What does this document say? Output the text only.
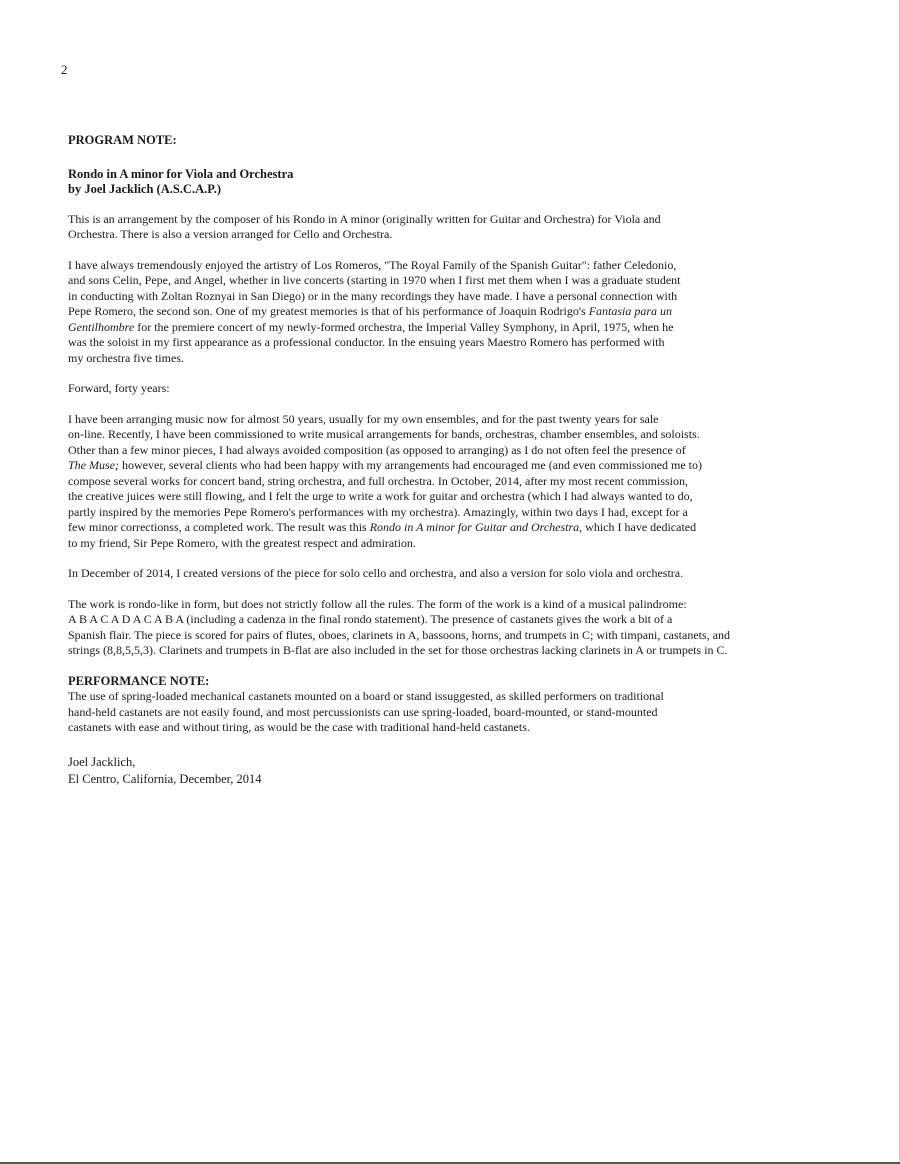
2
PROGRAM NOTE:
Rondo in A minor for Viola and Orchestra
by Joel Jacklich (A.S.C.A.P.)

This is an arrangement by the composer of his Rondo in A minor (originally written for Guitar and Orchestra) for Viola and
Orchestra. There is also a version arranged for Cello and Orchestra.

I have always tremendously enjoyed the artistry of Los Romeros, "The Royal Family of the Spanish Guitar": father Celedonio,
and sons Celin, Pepe, and Angel, whether in live concerts (starting in 1970 when I first met them when I was a graduate student
in conducting with Zoltan Roznyai in San Diego) or in the many recordings they have made. I have a personal connection with
Pepe Romero, the second son. One of my greatest memories is that of his performance of Joaquin Rodrigo's Fantasia para un
Gentilhombre for the premiere concert of my newly-formed orchestra, the Imperial Valley Symphony, in April, 1975, when he
was the soloist in my first appearance as a professional conductor. In the ensuing years Maestro Romero has performed with
my orchestra five times.

Forward, forty years:

I have been arranging music now for almost 50 years, usually for my own ensembles, and for the past twenty years for sale
on-line. Recently, I have been commissioned to write musical arrangements for bands, orchestras, chamber ensembles, and soloists.
Other than a few minor pieces, I had always avoided composition (as opposed to arranging) as I do not often feel the presence of
The Muse; however, several clients who had been happy with my arrangements had encouraged me (and even commissioned me to)
compose several works for concert band, string orchestra, and full orchestra. In October, 2014, after my most recent commission,
the creative juices were still flowing, and I felt the urge to write a work for guitar and orchestra (which I had always wanted to do,
partly inspired by the memories Pepe Romero's performances with my orchestra). Amazingly, within two days I had, except for a
few minor correctionss, a completed work. The result was this Rondo in A minor for Guitar and Orchestra, which I have dedicated
to my friend, Sir Pepe Romero, with the greatest respect and admiration.

In December of 2014, I created versions of the piece for solo cello and orchestra, and also a version for solo viola and orchestra.

The work is rondo-like in form, but does not strictly follow all the rules. The form of the work is a kind of a musical palindrome:
A B A C A D A C A B A (including a cadenza in the final rondo statement). The presence of castanets gives the work a bit of a
Spanish flair. The piece is scored for pairs of flutes, oboes, clarinets in A, bassoons, horns, and trumpets in C; with timpani, castanets, and
strings (8,8,5,5,3). Clarinets and trumpets in B-flat are also included in the set for those orchestras lacking clarinets in A or trumpets in C.

PERFORMANCE NOTE:

The use of spring-loaded mechanical castanets mounted on a board or stand issuggested, as skilled performers on traditional
hand-held castanets are not easily found, and most percussionists can use spring-loaded, board-mounted, or stand-mounted
castanets with ease and without tiring, as would be the case with traditional hand-held castanets.

Joel Jacklich,
El Centro, California, December, 2014
